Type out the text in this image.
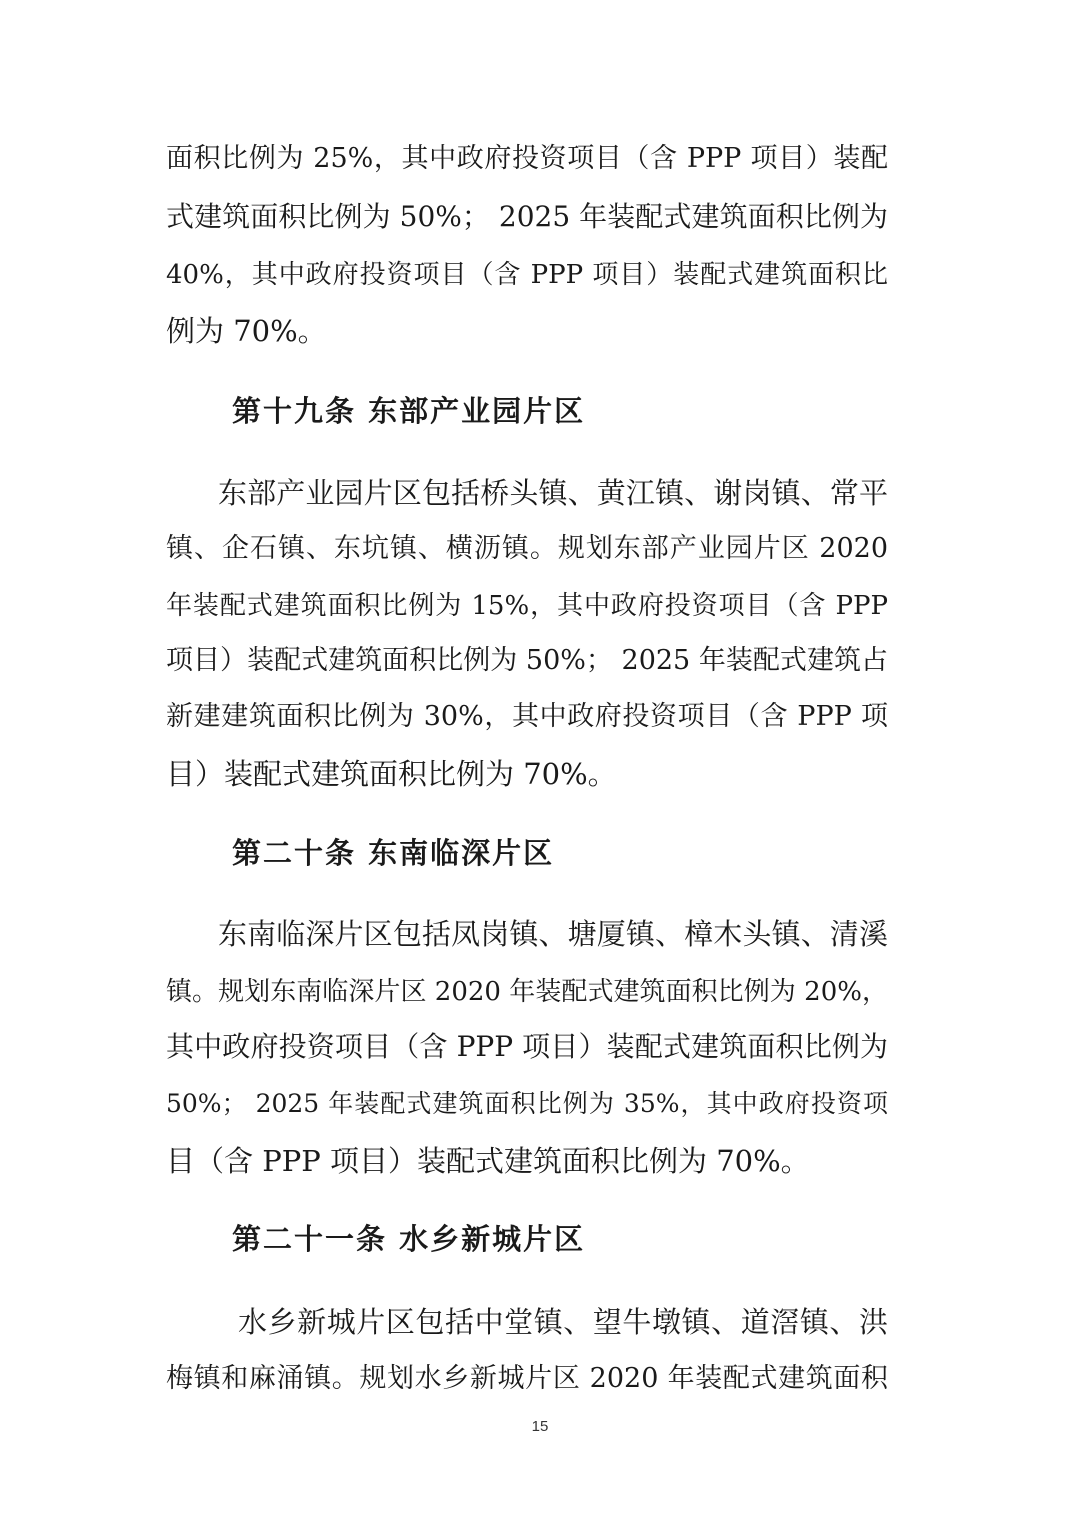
面积比例为 25%，其中政府投资项目（含 PPP 项目）装配
式建筑面积比例为 50%； 2025 年装配式建筑面积比例为
40%，其中政府投资项目（含 PPP 项目）装配式建筑面积比
例为 70%。
第十九条 东部产业园片区
东部产业园片区包括桥头镇、黄江镇、谢岗镇、常平
镇、企石镇、东坑镇、横沥镇。规划东部产业园片区 2020
年装配式建筑面积比例为 15%，其中政府投资项目（含 PPP
项目）装配式建筑面积比例为 50%； 2025 年装配式建筑占
新建建筑面积比例为 30%，其中政府投资项目（含 PPP 项
目）装配式建筑面积比例为 70%。
第二十条 东南临深片区
东南临深片区包括凤岗镇、塘厦镇、樟木头镇、清溪
镇。规划东南临深片区 2020 年装配式建筑面积比例为 20%，
其中政府投资项目（含 PPP 项目）装配式建筑面积比例为
50%； 2025 年装配式建筑面积比例为 35%，其中政府投资项
目（含 PPP 项目）装配式建筑面积比例为 70%。
第二十一条 水乡新城片区
水乡新城片区包括中堂镇、望牛墩镇、道滘镇、洪
梅镇和麻涌镇。规划水乡新城片区 2020 年装配式建筑面积
15
